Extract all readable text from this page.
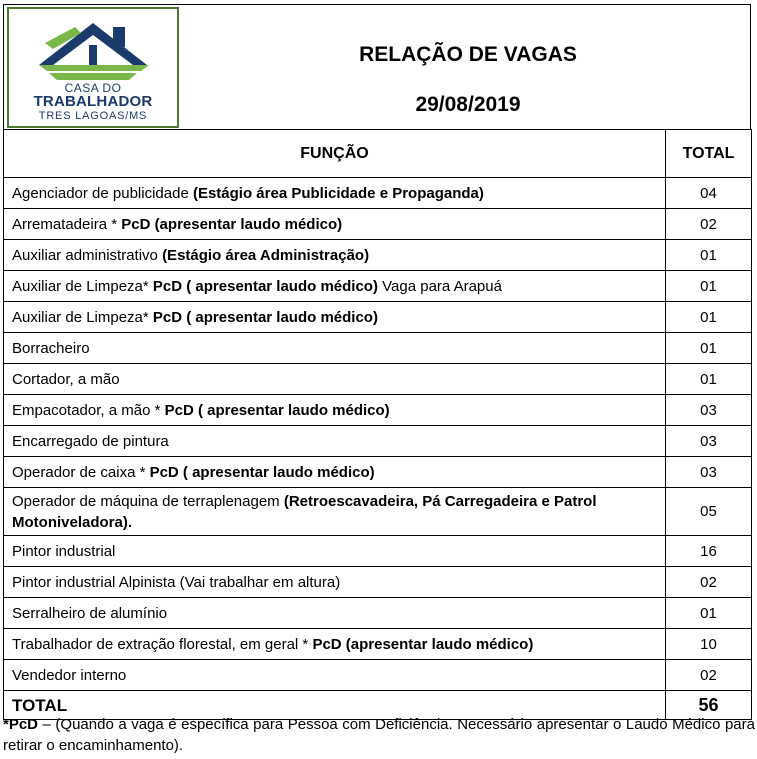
CASA DO
TRABALHADOR
TRES LAGOAS/MS
RELAÇÃO DE VAGAS
29/08/2019
FUNÇÃO	TOTAL
Agenciador de publicidade (Estágio área Publicidade e Propaganda)	04
Arrematadeira * PcD (apresentar laudo médico)	02
Auxiliar administrativo (Estágio área Administração)	01
Auxiliar de Limpeza* PcD ( apresentar laudo médico) Vaga para Arapuá	01
Auxiliar de Limpeza* PcD ( apresentar laudo médico)	01
Borracheiro	01
Cortador, a mão	01
Empacotador, a mão * PcD ( apresentar laudo médico)	03
Encarregado de pintura	03
Operador de caixa * PcD ( apresentar laudo médico)	03
Operador de máquina de terraplenagem (Retroescavadeira, Pá Carregadeira e Patrol Motoniveladora).	05
Pintor industrial	16
Pintor industrial Alpinista (Vai trabalhar em altura)	02
Serralheiro de alumínio	01
Trabalhador de extração florestal, em geral * PcD (apresentar laudo médico)	10
Vendedor interno	02
TOTAL	56
*PcD – (Quando a vaga é específica para Pessoa com Deficiência. Necessário apresentar o Laudo Médico para retirar o encaminhamento).
